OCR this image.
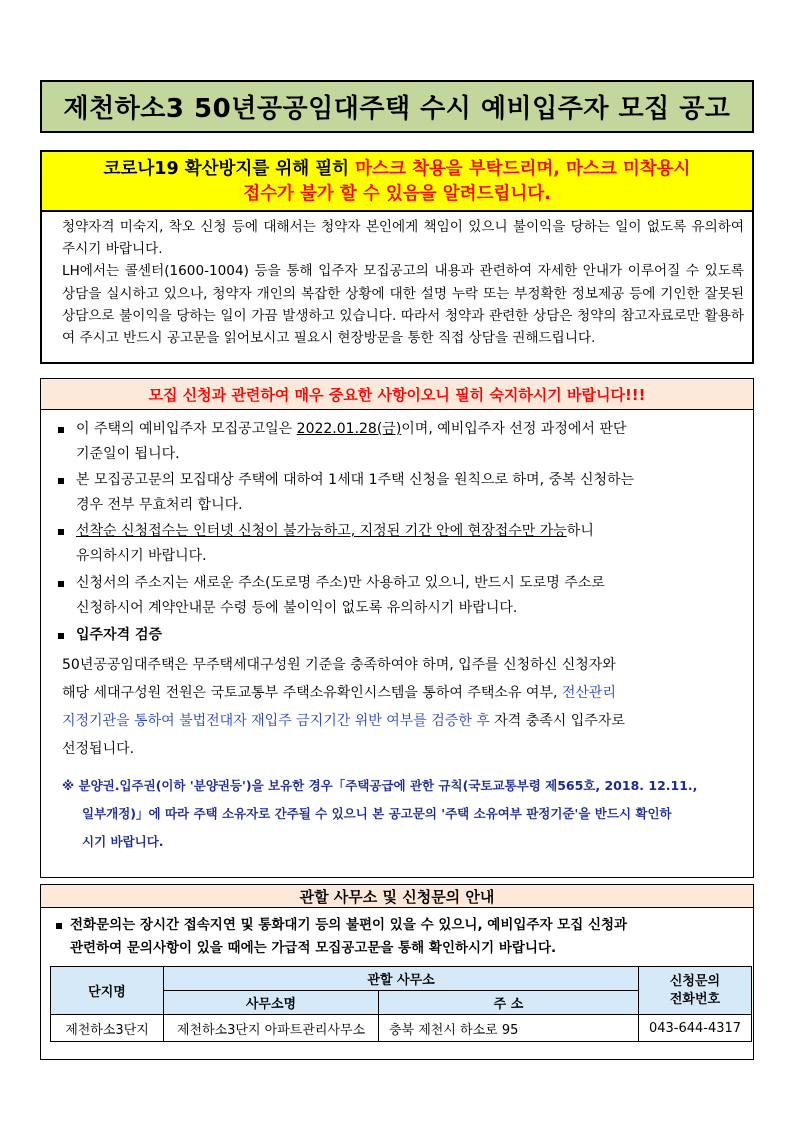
제천하소3 50년공공임대주택 수시 예비입주자 모집 공고
코로나19 확산방지를 위해 필히 마스크 착용을 부탁드리며, 마스크 미착용시
접수가 불가 할 수 있음을 알려드립니다.

청약자격 미숙지, 착오 신청 등에 대해서는 청약자 본인에게 책임이 있으니 불이익을 당하는 일이 없도록 유의하여 주시기 바랍니다.

LH에서는 콜센터(1600-1004) 등을 통해 입주자 모집공고의 내용과 관련하여 자세한 안내가 이루어질 수 있도록 상담을 실시하고 있으나, 청약자 개인의 복잡한 상황에 대한 설명 누락 또는 부정확한 정보제공 등에 기인한 잘못된 상담으로 불이익을 당하는 일이 가끔 발생하고 있습니다. 따라서 청약과 관련한 상담은 청약의 참고자료로만 활용하여 주시고 반드시 공고문을 읽어보시고 필요시 현장방문을 통한 직접 상담을 권해드립니다.

모집 신청과 관련하여 매우 중요한 사항이오니 필히 숙지하시기 바랍니다!!!
이 주택의 예비입주자 모집공고일은 2022.01.28(금)이며, 예비입주자 선정 과정에서 판단
기준일이 됩니다.
본 모집공고문의 모집대상 주택에 대하여 1세대 1주택 신청을 원칙으로 하며, 중복 신청하는
경우 전부 무효처리 합니다.
선착순 신청접수는 인터넷 신청이 불가능하고, 지정된 기간 안에 현장접수만 가능하니
유의하시기 바랍니다.
신청서의 주소지는 새로운 주소(도로명 주소)만 사용하고 있으니, 반드시 도로명 주소로
신청하시어 계약안내문 수령 등에 불이익이 없도록 유의하시기 바랍니다.
입주자격 검증
50년공공임대주택은 무주택세대구성원 기준을 충족하여야 하며, 입주를 신청하신 신청자와
해당 세대구성원 전원은 국토교통부 주택소유확인시스템을 통하여 주택소유 여부, 전산관리
지정기관을 통하여 불법전대자 재입주 금지기간 위반 여부를 검증한 후 자격 충족시 입주자로
선정됩니다.
※ 분양권.입주권(이하 '분양권등')을 보유한 경우「주택공급에 관한 규칙(국토교통부령 제565호, 2018. 12.11.,
일부개정)」에 따라 주택 소유자로 간주될 수 있으니 본 공고문의 '주택 소유여부 판정기준'을 반드시 확인하
시기 바랍니다.
관할 사무소 및 신청문의 안내
전화문의는 장시간 접속지연 및 통화대기 등의 불편이 있을 수 있으니, 예비입주자 모집 신청과
관련하여 문의사항이 있을 때에는 가급적 모집공고문을 통해 확인하시기 바랍니다.
단지명	관할 사무소		신청문의
전화번호

	사무소명	주 소	
제천하소3단지	제천하소3단지 아파트관리사무소	충북 제천시 하소로 95	043-644-4317
